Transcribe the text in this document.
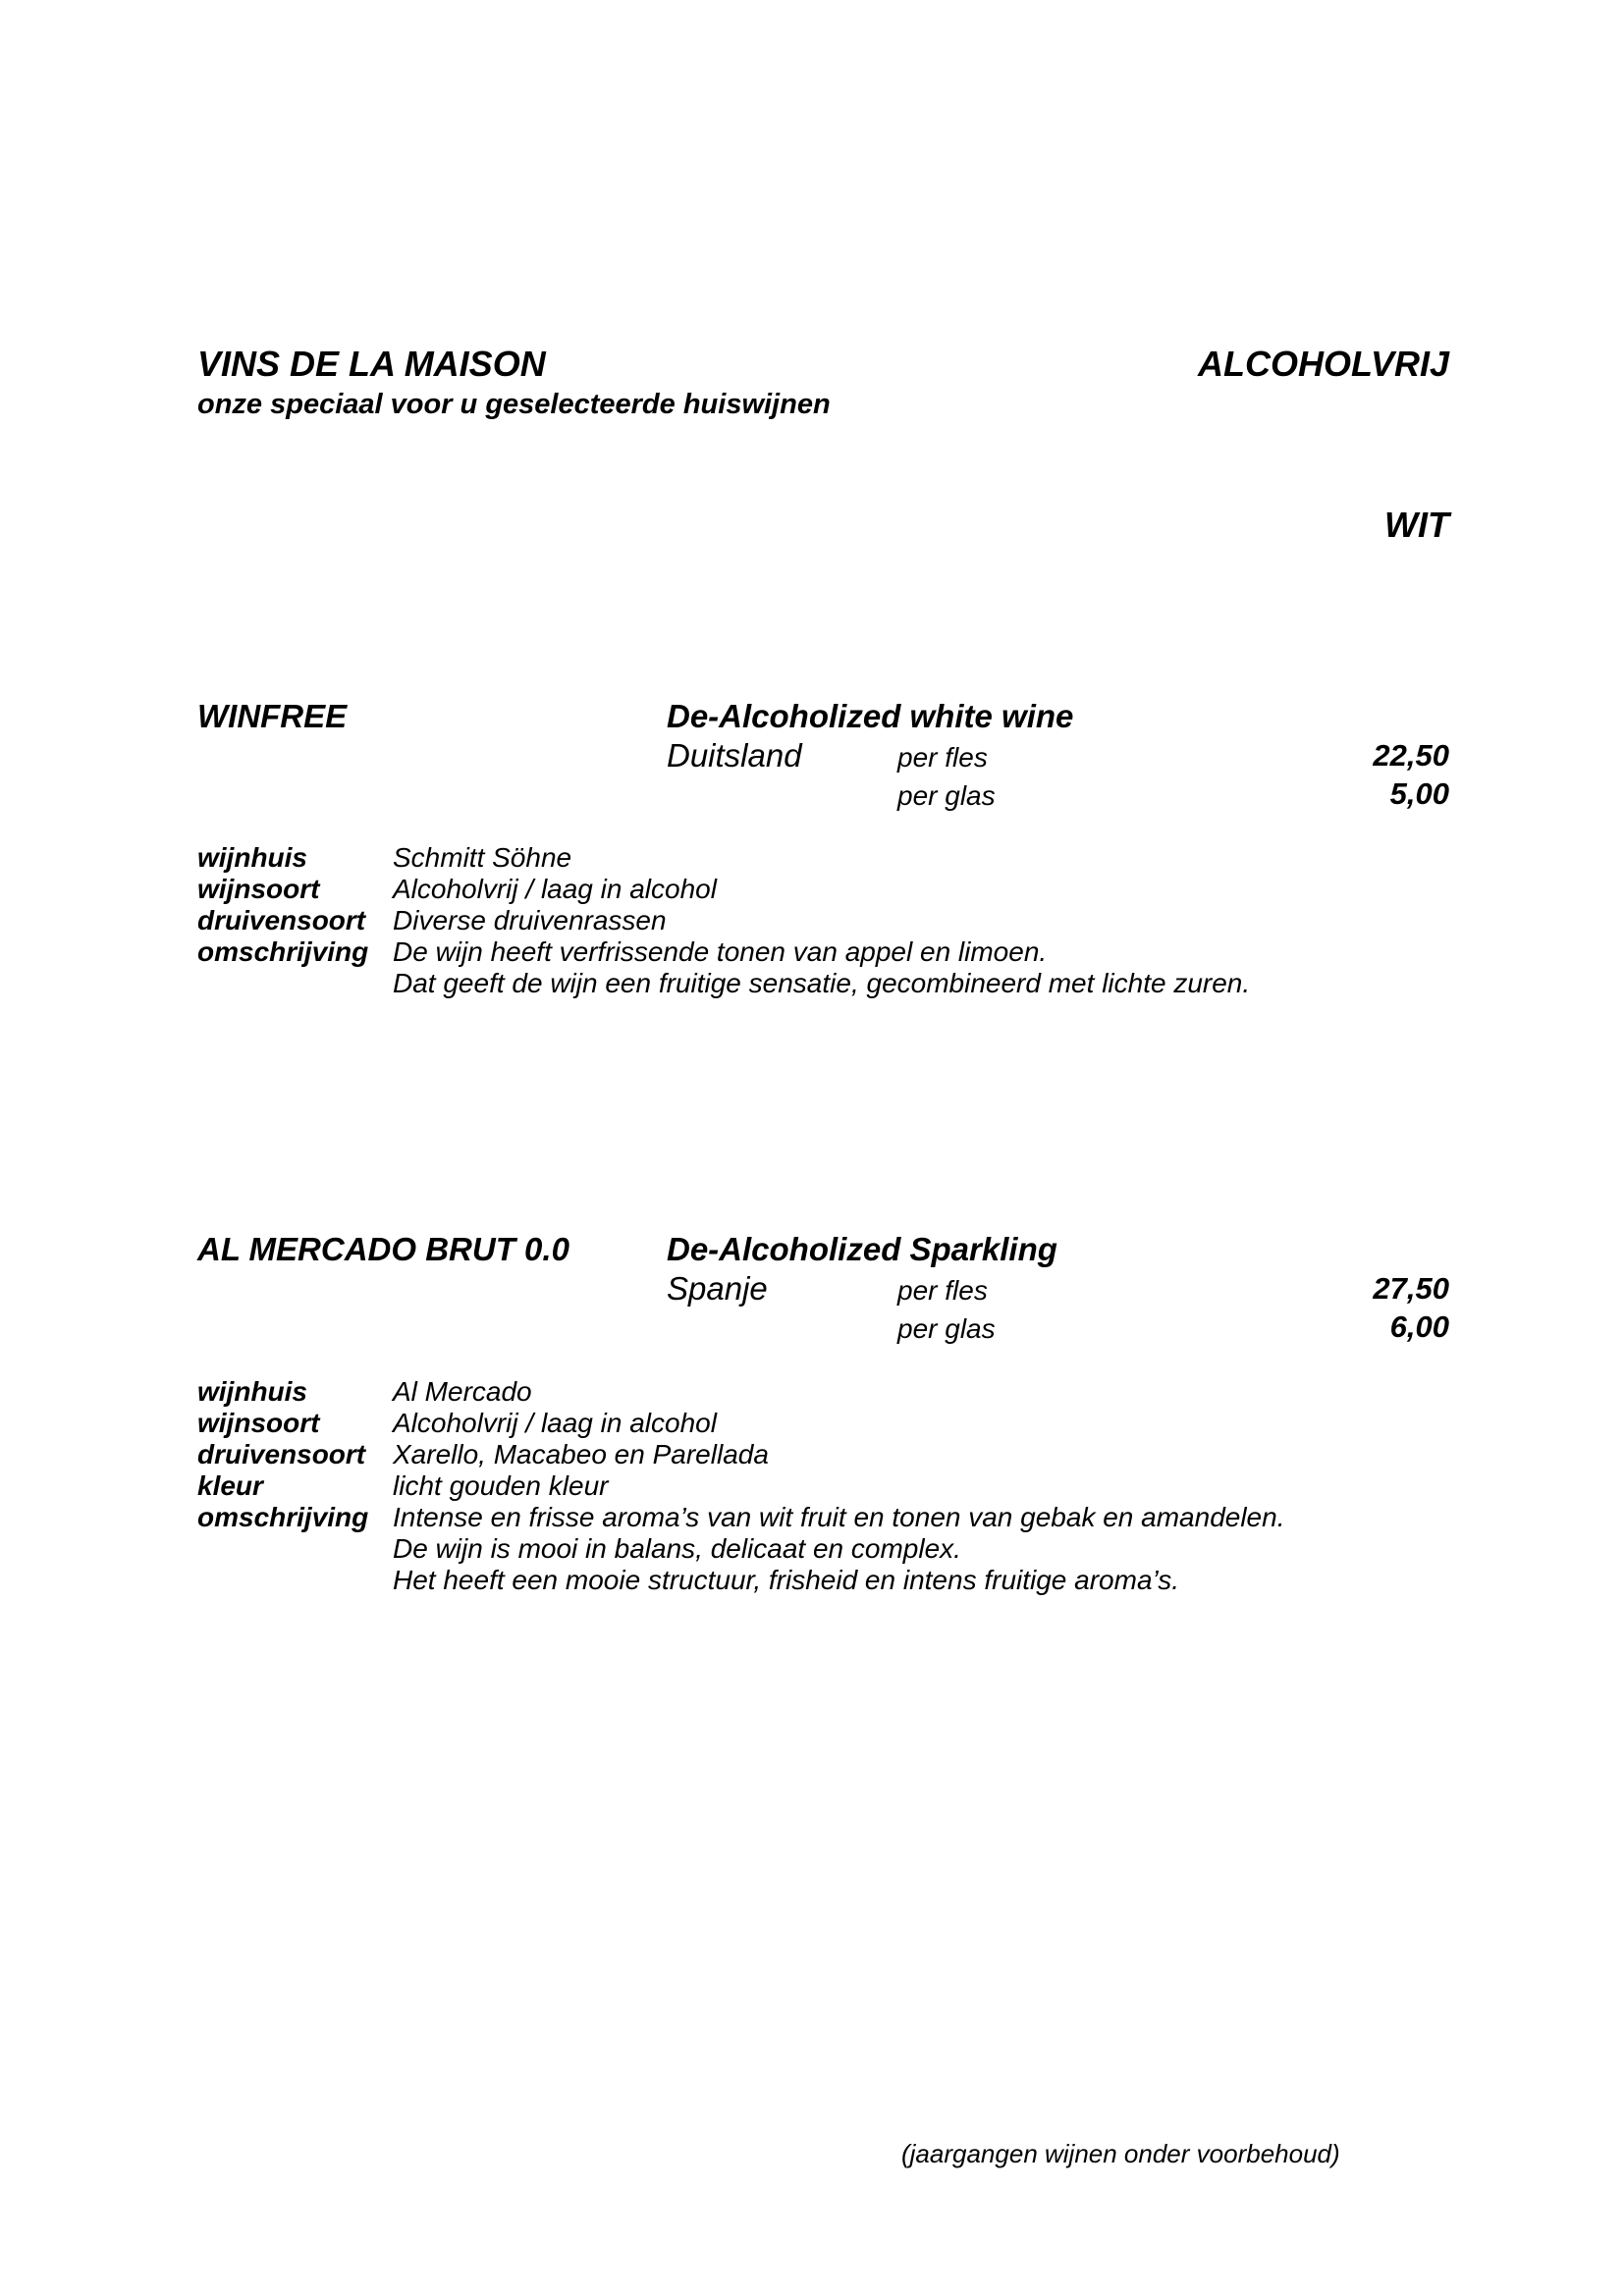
VINS DE LA MAISON
onze speciaal voor u geselecteerde huiswijnen
ALCOHOLVRIJ
WIT
WINFREE	De-Alcoholized white wine
Duitsland	per fles	22,50
per glas	5,00
wijnhuis	Schmitt Söhne
wijnsoort	Alcoholvrij / laag in alcohol
druivensoort Diverse druivenrassen
omschrijving De wijn heeft verfrissende tonen van appel en limoen.
Dat geeft de wijn een fruitige sensatie, gecombineerd met lichte zuren.
AL MERCADO BRUT 0.0	De-Alcoholized Sparkling
Spanje	per fles	27,50
per glas	6,00
wijnhuis	Al Mercado
wijnsoort	Alcoholvrij / laag in alcohol
druivensoort Xarello, Macabeo en Parellada
kleur	licht gouden kleur
omschrijving Intense en frisse aroma’s van wit fruit en tonen van gebak en amandelen.
De wijn is mooi in balans, delicaat en complex.
Het heeft een mooie structuur, frisheid en intens fruitige aroma’s.
(jaargangen wijnen onder voorbehoud)
